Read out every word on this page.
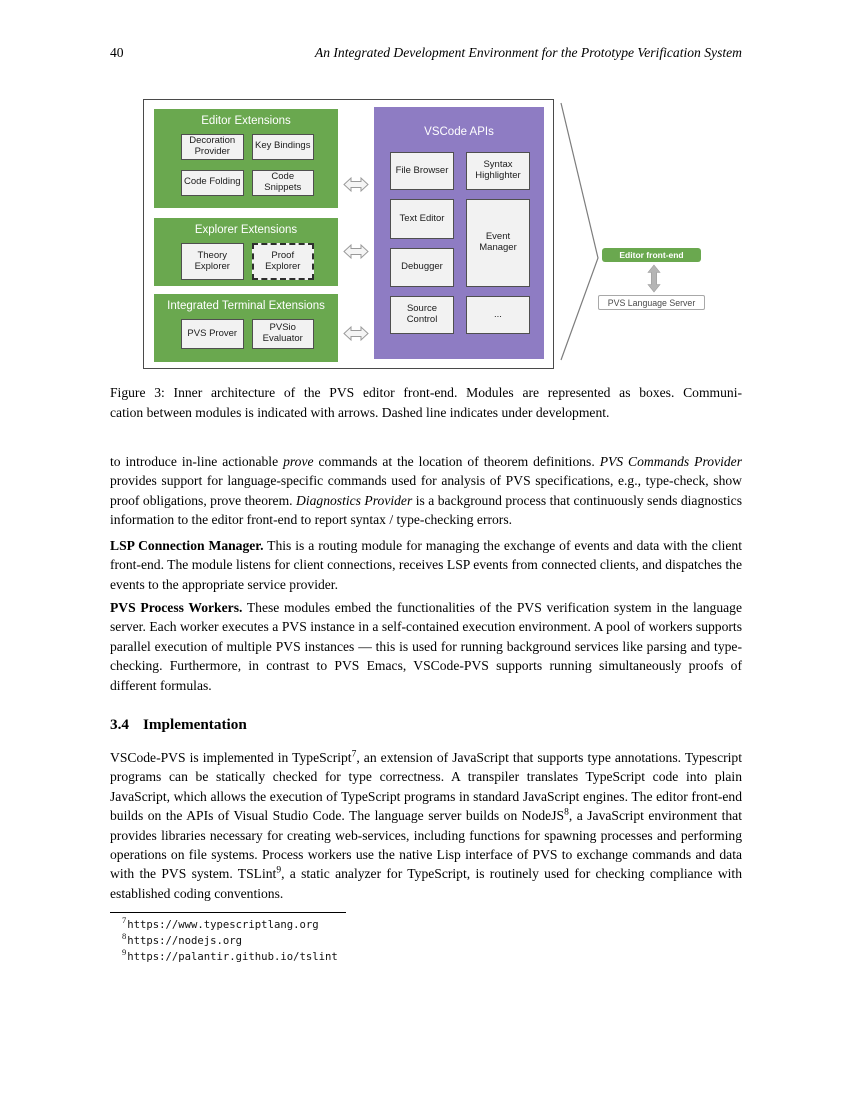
40	An Integrated Development Environment for the Prototype Verification System
Editor Extensions
Decoration Provider	Key Bindings
Code Folding	Code Snippets
Explorer Extensions
Theory Explorer
Proof Explorer
Integrated Terminal Extensions
PVS Prover	PVSio Evaluator
VSCode APIs
File Browser	Syntax Highlighter
Text Editor
Event Manager
Debugger
Source Control	...
Editor front-end
PVS Language Server
Figure 3: Inner architecture of the PVS editor front-end. Modules are represented as boxes. Communi-
cation between modules is indicated with arrows. Dashed line indicates under development.
to introduce in-line actionable prove commands at the location of theorem definitions. PVS Commands Provider provides support for language-specific commands used for analysis of PVS specifications, e.g., type-check, show proof obligations, prove theorem. Diagnostics Provider is a background process that continuously sends diagnostics information to the editor front-end to report syntax / type-checking errors.
LSP Connection Manager. This is a routing module for managing the exchange of events and data with the client front-end. The module listens for client connections, receives LSP events from connected clients, and dispatches the events to the appropriate service provider.
PVS Process Workers. These modules embed the functionalities of the PVS verification system in the language server. Each worker executes a PVS instance in a self-contained execution environment. A pool of workers supports parallel execution of multiple PVS instances — this is used for running background services like parsing and type-checking. Furthermore, in contrast to PVS Emacs, VSCode-PVS supports running simultaneously proofs of different formulas.
3.4 Implementation
VSCode-PVS is implemented in TypeScript$^7$, an extension of JavaScript that supports type annotations. Typescript programs can be statically checked for type correctness. A transpiler translates TypeScript code into plain JavaScript, which allows the execution of TypeScript programs in standard JavaScript engines. The editor front-end builds on the APIs of Visual Studio Code. The language server builds on NodeJS$^8$, a JavaScript environment that provides libraries necessary for creating web-services, including functions for spawning processes and performing operations on file systems. Process workers use the native Lisp interface of PVS to exchange commands and data with the PVS system. TSLint$^9$, a static analyzer for TypeScript, is routinely used for checking compliance with established coding conventions.
$^7$https://www.typescriptlang.org
$^8$https://nodejs.org
$^9$https://palantir.github.io/tslint
